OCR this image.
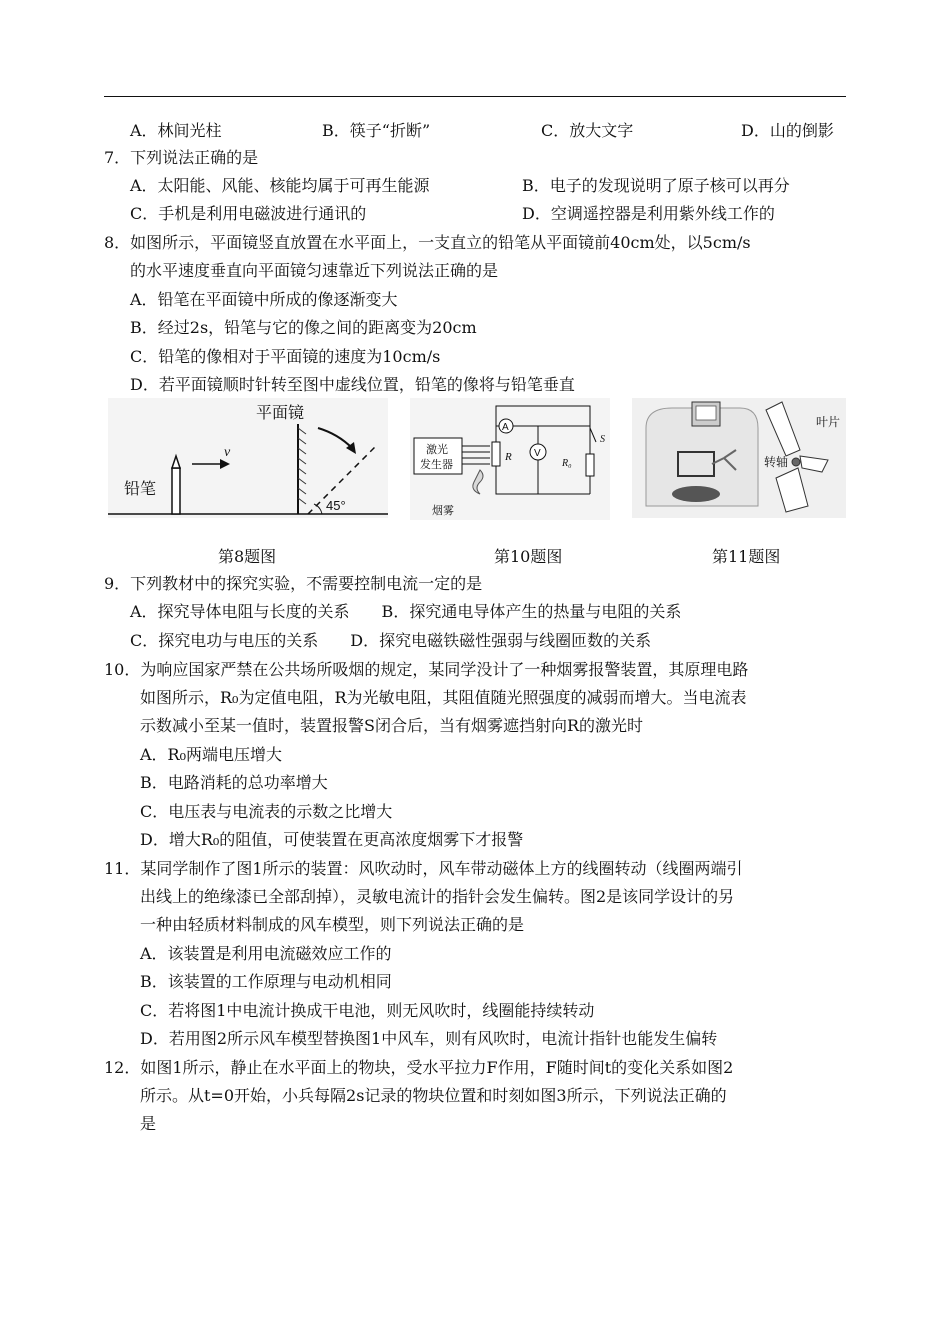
A．林间光柱	B．筷子“折断”	C．放大文字	D．山的倒影
7．下列说法正确的是
A．太阳能、风能、核能均属于可再生能源	B．电子的发现说明了原子核可以再分
C．手机是利用电磁波进行通讯的	D．空调遥控器是利用紫外线工作的
8．如图所示，平面镜竖直放置在水平面上，一支直立的铅笔从平面镜前40cm处，以5cm/s
的水平速度垂直向平面镜匀速靠近下列说法正确的是
A．铅笔在平面镜中所成的像逐渐变大
B．经过2s，铅笔与它的像之间的距离变为20cm
C．铅笔的像相对于平面镜的速度为10cm/s
D．若平面镜顺时针转至图中虚线位置，铅笔的像将与铅笔垂直
平面镜
45°
铅笔
v
A
V
R
R₀
S
激光
发生器
烟雾
叶片
转轴
第8题图	第10题图	第11题图
9．下列教材中的探究实验，不需要控制电流一定的是
A．探究导体电阻与长度的关系　　B．探究通电导体产生的热量与电阻的关系
C．探究电功与电压的关系　　D．探究电磁铁磁性强弱与线圈匝数的关系
10．为响应国家严禁在公共场所吸烟的规定，某同学没计了一种烟雾报警装置，其原理电路
如图所示，R₀为定值电阻，R为光敏电阻，其阻值随光照强度的减弱而增大。当电流表
示数减小至某一值时，装置报警S闭合后，当有烟雾遮挡射向R的激光时
A．R₀两端电压增大
B．电路消耗的总功率增大
C．电压表与电流表的示数之比增大
D．增大R₀的阻值，可使装置在更高浓度烟雾下才报警
11．某同学制作了图1所示的装置：风吹动时，风车带动磁体上方的线圈转动（线圈两端引
出线上的绝缘漆已全部刮掉），灵敏电流计的指针会发生偏转。图2是该同学设计的另
一种由轻质材料制成的风车模型，则下列说法正确的是
A．该装置是利用电流磁效应工作的
B．该装置的工作原理与电动机相同
C．若将图1中电流计换成干电池，则无风吹时，线圈能持续转动
D．若用图2所示风车模型替换图1中风车，则有风吹时，电流计指针也能发生偏转
12．如图1所示，静止在水平面上的物块，受水平拉力F作用，F随时间t的变化关系如图2
所示。从t=0开始，小兵每隔2s记录的物块位置和时刻如图3所示，下列说法正确的
是
